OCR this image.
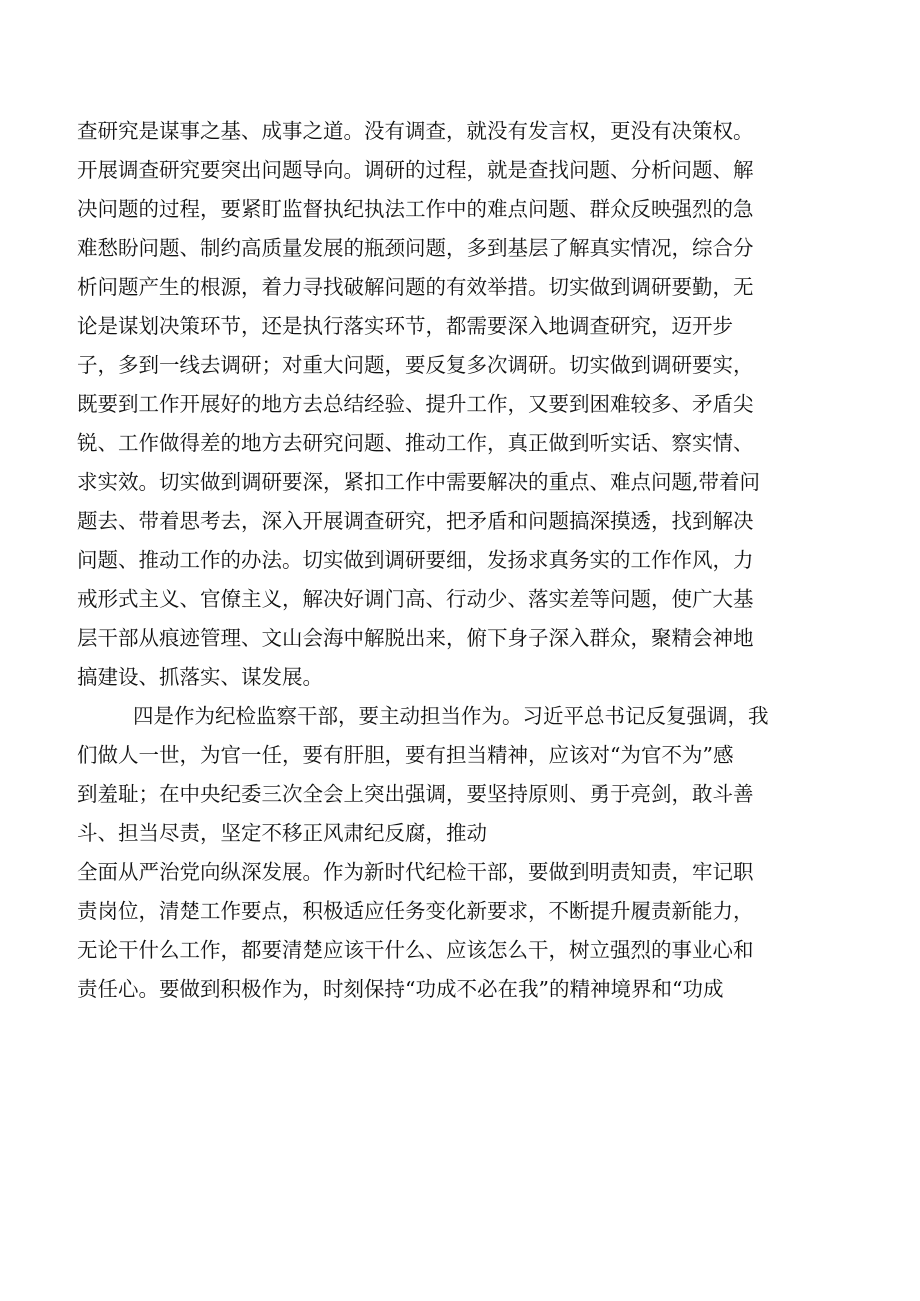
查研究是谋事之基、成事之道。没有调查，就没有发言权，更没有决策权。
开展调查研究要突出问题导向。调研的过程，就是查找问题、分析问题、解
决问题的过程，要紧盯监督执纪执法工作中的难点问题、群众反映强烈的急
难愁盼问题、制约高质量发展的瓶颈问题，多到基层了解真实情况，综合分
析问题产生的根源，着力寻找破解问题的有效举措。切实做到调研要勤，无
论是谋划决策环节，还是执行落实环节，都需要深入地调查研究，迈开步
子，多到一线去调研；对重大问题，要反复多次调研。切实做到调研要实，
既要到工作开展好的地方去总结经验、提升工作，又要到困难较多、矛盾尖
锐、工作做得差的地方去研究问题、推动工作，真正做到听实话、察实情、
求实效。切实做到调研要深，紧扣工作中需要解决的重点、难点问题,带着问
题去、带着思考去，深入开展调查研究，把矛盾和问题搞深摸透，找到解决
问题、推动工作的办法。切实做到调研要细，发扬求真务实的工作作风，力
戒形式主义、官僚主义，解决好调门高、行动少、落实差等问题，使广大基
层干部从痕迹管理、文山会海中解脱出来，俯下身子深入群众，聚精会神地
搞建设、抓落实、谋发展。
四是作为纪检监察干部，要主动担当作为。习近平总书记反复强调，我
们做人一世，为官一任，要有肝胆，要有担当精神，应该对“为官不为”感
到羞耻；在中央纪委三次全会上突出强调，要坚持原则、勇于亮剑，敢斗善
斗、担当尽责，坚定不移正风肃纪反腐，推动
全面从严治党向纵深发展。作为新时代纪检干部，要做到明责知责，牢记职
责岗位，清楚工作要点，积极适应任务变化新要求，不断提升履责新能力，
无论干什么工作，都要清楚应该干什么、应该怎么干，树立强烈的事业心和
责任心。要做到积极作为，时刻保持“功成不必在我”的精神境界和“功成
